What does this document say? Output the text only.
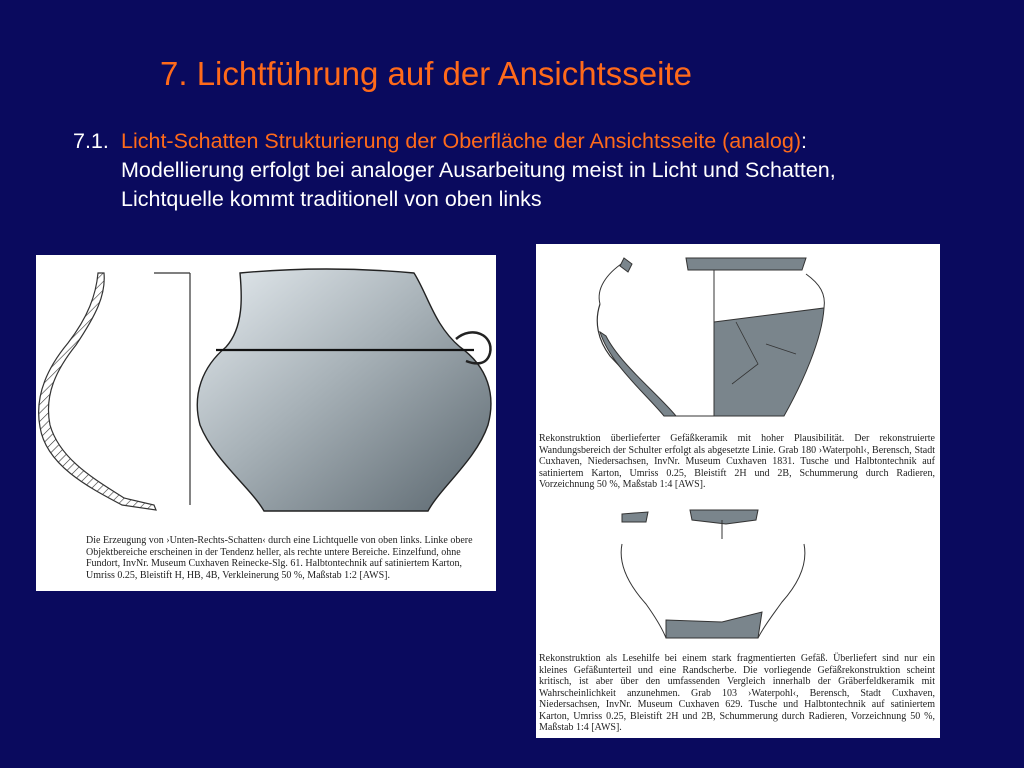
7. Lichtführung auf der Ansichtsseite
7.1. Licht-Schatten Strukturierung der Oberfläche der Ansichtsseite (analog):
Modellierung erfolgt bei analoger Ausarbeitung meist in Licht und Schatten,
Lichtquelle kommt traditionell von oben links
Die Erzeugung von ›Unten-Rechts-Schatten‹ durch eine Lichtquelle von oben links. Linke obere
Objektbereiche erscheinen in der Tendenz heller, als rechte untere Bereiche. Einzelfund, ohne
Fundort, InvNr. Museum Cuxhaven Reinecke-Slg. 61. Halbtontechnik auf satiniertem Karton,
Umriss 0.25, Bleistift H, HB, 4B, Verkleinerung 50 %, Maßstab 1:2 [AWS].
Rekonstruktion überlieferter Gefäßkeramik mit hoher Plausibilität. Der rekonstruierte Wandungsbereich der Schulter erfolgt als abgesetzte Linie. Grab 180 ›Waterpohl‹, Berensch, Stadt Cuxhaven, Niedersachsen, InvNr. Museum Cuxhaven 1831. Tusche und Halbtontechnik auf satiniertem Karton, Umriss 0.25, Bleistift 2H und 2B, Schummerung durch Radieren, Vorzeichnung 50 %, Maßstab 1:4 [AWS].
Rekonstruktion als Lesehilfe bei einem stark fragmentierten Gefäß. Überliefert sind nur ein kleines Gefäßunterteil und eine Randscherbe. Die vorliegende Gefäßrekonstruktion scheint kritisch, ist aber über den umfassenden Vergleich innerhalb der Gräberfeldkeramik mit Wahrscheinlichkeit anzunehmen. Grab 103 ›Waterpohl‹, Berensch, Stadt Cuxhaven, Niedersachsen, InvNr. Museum Cuxhaven 629. Tusche und Halbtontechnik auf satiniertem Karton, Umriss 0.25, Bleistift 2H und 2B, Schummerung durch Radieren, Vorzeichnung 50 %, Maßstab 1:4 [AWS].
